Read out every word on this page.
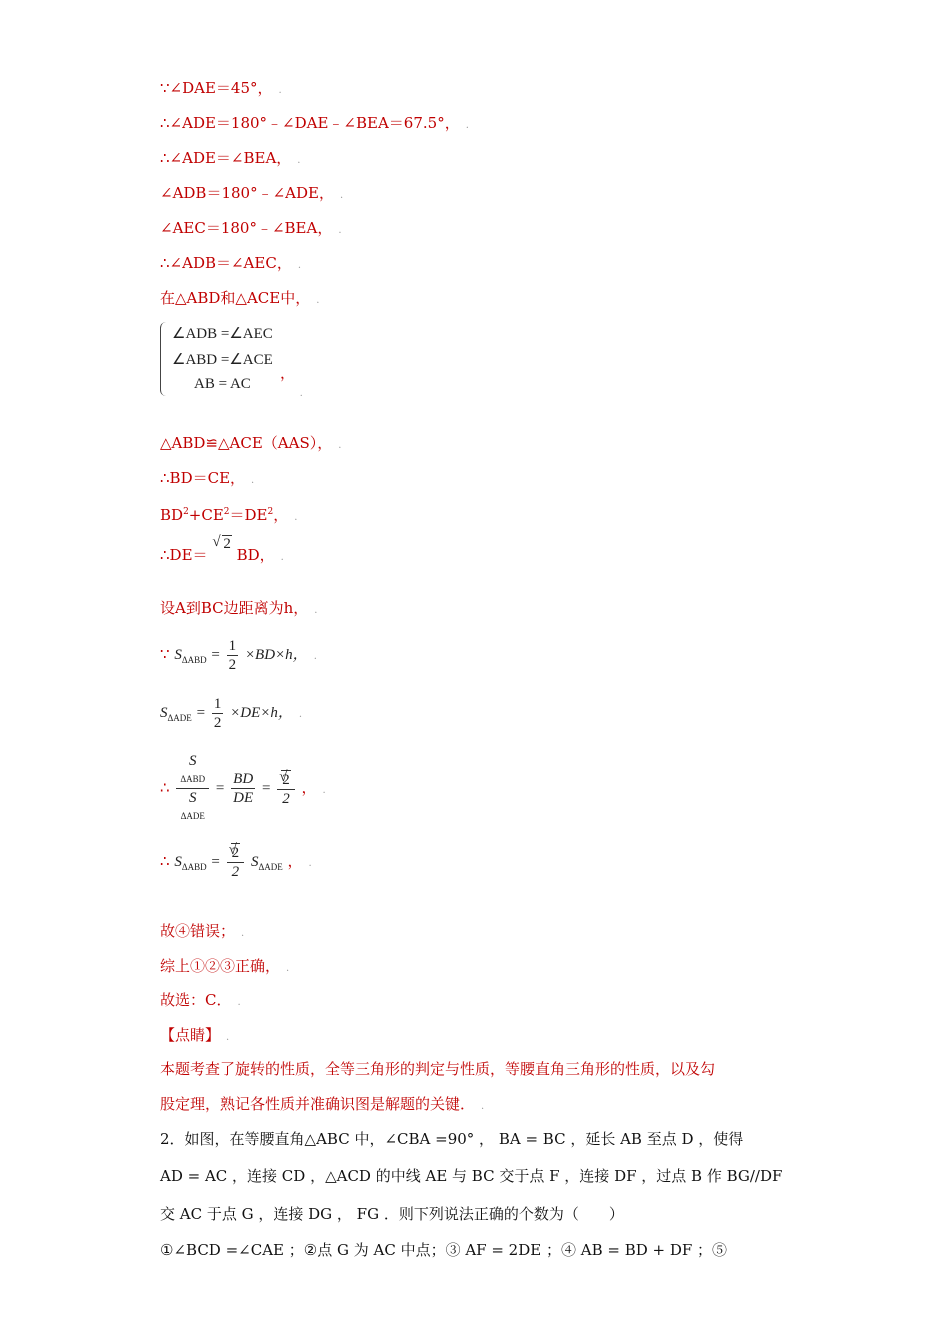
∵∠DAE＝45°， .
∴∠ADE＝180°﹣∠DAE﹣∠BEA＝67.5°， .
∴∠ADE＝∠BEA， .
∠ADB＝180°﹣∠ADE， .
∠AEC＝180°﹣∠BEA， .
∴∠ADB＝∠AEC， .
在△ABD和△ACE中， .
∠ADB =∠AEC
∠ABD =∠ACE
AB = AC
，
.
△ABD≌△ACE（AAS）， .
∴BD＝CE， .
$BD^2+CE^2=DE^2$， .
∴DE＝ √ 2 BD， .
设A到BC边距离为h， .
∵ $S_{\Delta ABD} = \frac{1}{2} \times BD\times h$， .
$S_{\Delta ADE} = \frac{1}{2} \times DE\times h$， .
∴
S
ΔABD
S
ΔADE
= $\frac{BD}{DE}$ = √ $\frac{2}{2}$ ， .
∴ $S_{\Delta ABD}$ = √ $\frac{2}{2} S_{\Delta ADE}$ ， .
故④错误； .
综上①②③正确， .
故选：C． .
【点睛】 .
本题考查了旋转的性质，全等三角形的判定与性质，等腰直角三角形的性质，以及勾
股定理，熟记各性质并准确识图是解题的关键． .
2．如图，在等腰直角△ABC 中，∠CBA =90° ， BA = BC ，延长 AB 至点 D ，使得
AD = AC ，连接 CD ，△ACD 的中线 AE 与 BC 交于点 F ，连接 DF ，过点 B 作 BG//DF
交 AC 于点 G ，连接 DG ， FG ．则下列说法正确的个数为（　　）
①∠BCD =∠CAE ；②点 G 为 AC 中点；③ AF = 2DE ；④ AB = BD + DF ；⑤
